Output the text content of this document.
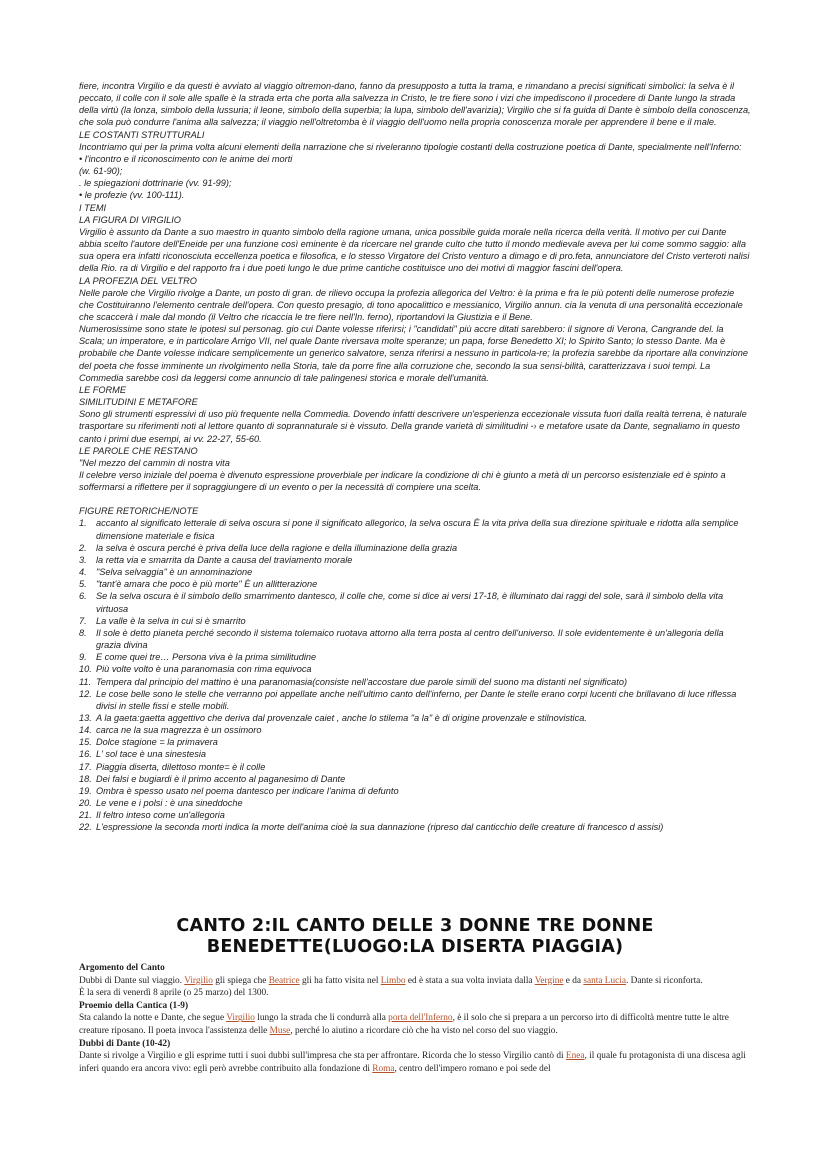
fiere, incontra Virgilio e da questi è avviato al viaggio oltremon-dano, fanno da presupposto a tutta la trama, e rimandano a precisi significati simbolici: la selva è il peccato, il colle con il sole alle spalle è la strada erta che porta alla salvezza in Cristo, le tre fiere sono i vizi che impediscono il procedere di Dante lungo la strada della virtù (la lonza, simbolo della lussuria; il leone, simbolo della superbia; la lupa, simbolo dell'avarizia); Virgilio che si fa guida di Dante è simbolo della conoscenza, che sola può condurre l'anima alla salvezza; il viaggio nell'oltretomba è il viaggio dell'uomo nella propria conoscenza morale per apprendere il bene e il male.

LE COSTANTI STRUTTURALI

Incontriamo qui per la prima volta alcuni elementi della narrazione che si riveleranno tipologie costanti della costruzione poetica di Dante, specialmente nell'Inferno:

• l'incontro e il riconoscimento con le anime dei morti

(w. 61-90);

. le spiegazioni dottrinarie (vv. 91-99);

• le profezie (vv. 100-111).

I TEMI

LA FIGURA DI VIRGILIO

Virgilio è assunto da Dante a suo maestro in quanto simbolo della ragione umana, unica possibile guida morale nella ricerca della verità. Il motivo per cui Dante abbia scelto l'autore dell'Eneide per una funzione così eminente è da ricercare nel grande culto che tutto il mondo medievale aveva per lui come sommo saggio: alla sua opera era infatti riconosciuta eccellenza poetica e filosofica, e lo stesso Virgatore del Cristo venturo a dimago e di pro.feta, annunciatore del Cristo verteroti nalisi della Rio. ra di Virgilio e del rapporto fra i due poeti lungo le due prime cantiche costituisce uno dei motivi di maggior fascini dell'opera.

LA PROFEZIA DEL VELTRO

Nelle parole che Virgilio rivolge a Dante, un posto di gran. de rilievo occupa la profezia allegorica del Veltro: è la prima e fra le più potenti delle numerose profezie che Costituiranno l'elemento centrale dell'opera. Con questo presagio, di tono apocalittico e messianico, Virgilio annun. cia la venuta di una personalità eccezionale che scaccerà i male dal mondo (il Veltro che ricaccia le tre fiere nell'In. ferno), riportandovi la Giustizia e il Bene.

Numerosissime sono state le ipotesi sul personag. gio cui Dante volesse riferirsi; i "candidati" più accre ditati sarebbero: il signore di Verona, Cangrande del. la Scala; un imperatore, e in particolare Arrigo VII, nel quale Dante riversava molte speranze; un papa, forse Benedetto XI; lo Spirito Santo; lo stesso Dante. Ma è probabile che Dante volesse indicare semplicemente un generico salvatore, senza riferirsi a nessuno in particola-re; la profezia sarebbe da riportare alla convinzione del poeta che fosse imminente un rivolgimento nella Storia, tale da porre fine alla corruzione che, secondo la sua sensi-bilità, caratterizzava i suoi tempi. La Commedia sarebbe così da leggersi come annuncio di tale palingenesi storica e morale dell'umanità.

LE FORME

SIMILITUDINI E METAFORE

Sono gli strumenti espressivi di uso più frequente nella Commedia. Dovendo infatti descrivere un'esperienza eccezionale vissuta fuori dalla realtà terrena, è naturale trasportare su riferimenti noti al lettore quanto di soprannaturale si è vissuto. Della grande varietà di similitudini -› e metafore usate da Dante, segnaliamo in questo canto i primi due esempi, ai vv. 22-27, 55-60.

LE PAROLE CHE RESTANO

"Nel mezzo del cammin di nostra vita

Il celebre verso iniziale del poema è divenuto espressione proverbiale per indicare la condizione di chi è giunto a metà di un percorso esistenziale ed è spinto a soffermarsi a riflettere per il sopraggiungere di un evento o per la necessità di compiere una scelta.

FIGURE RETORICHE/NOTE

1.	accanto al significato letterale di selva oscura si pone il significato allegorico, la selva oscura È la vita priva della sua direzione spirituale e ridotta alla semplice dimensione materiale e fisica
2.	la selva è oscura perché è priva della luce della ragione e della illuminazione della grazia
3.	la retta via e smarrita da Dante a causa del traviamento morale
4.	"Selva selvaggia" è un annominazione
5.	"tant'è amara che poco è più morte" È un allitterazione
6.	Se la selva oscura è il simbolo dello smarrimento dantesco, il colle che, come si dice ai versi 17-18, è illuminato dai raggi del sole, sarà il simbolo della vita virtuosa
7.	La valle è la selva in cui si è smarrito
8.	Il sole è detto pianeta perché secondo il sistema tolemaico ruotava attorno alla terra posta al centro dell'universo. Il sole evidentemente è un'allegoria della grazia divina
9.	E come quei tre… Persona viva è la prima similitudine
10. Più volte volto è una paranomasia con rima equivoca
11. Tempera dal principio del mattino è una paranomasia(consiste nell'accostare due parole simili del suono ma distanti nel significato)
12. Le cose belle sono le stelle che verranno poi appellate anche nell'ultimo canto dell'inferno, per Dante le stelle erano corpi lucenti che brillavano di luce riflessa divisi in stelle fissi e stelle mobili.
13. A la gaeta:gaetta aggettivo che deriva dal provenzale caiet , anche lo stilema "a la" è di origine provenzale e stilnovistica.
14. carca ne la sua magrezza è un ossimoro
15. Dolce stagione = la primavera
16. L' sol tace è una sinestesia
17. Piaggia diserta, dilettoso monte= è il colle
18. Dei falsi e bugiardi è il primo accento al paganesimo di Dante
19. Ombra è spesso usato nel poema dantesco per indicare l'anima di defunto
20. Le vene e i polsi : è una sineddoche
21. Il feltro inteso come un'allegoria
22. L'espressione la seconda morti indica la morte dell'anima cioè la sua dannazione (ripreso dal canticchio delle creature di francesco d assisi)
CANTO 2:IL CANTO DELLE 3 DONNE TRE DONNE BENEDETTE(LUOGO:LA DISERTA PIAGGIA)

Argomento del Canto

Dubbi di Dante sul viaggio. Virgilio gli spiega che Beatrice gli ha fatto visita nel Limbo ed è stata a sua volta inviata dalla Vergine e da santa Lucia. Dante si riconforta.

È la sera di venerdì 8 aprile (o 25 marzo) del 1300.

Proemio della Cantica (1-9)

Sta calando la notte e Dante, che segue Virgilio lungo la strada che li condurrà alla porta dell'Inferno, è il solo che si prepara a un percorso irto di difficoltà mentre tutte le altre creature riposano. Il poeta invoca l'assistenza delle Muse, perché lo aiutino a ricordare ciò che ha visto nel corso del suo viaggio.

Dubbi di Dante (10-42)

Dante si rivolge a Virgilio e gli esprime tutti i suoi dubbi sull'impresa che sta per affrontare. Ricorda che lo stesso Virgilio cantò di Enea, il quale fu protagonista di una discesa agli inferi quando era ancora vivo: egli però avrebbe contribuito alla fondazione di Roma, centro dell'impero romano e poi sede del
